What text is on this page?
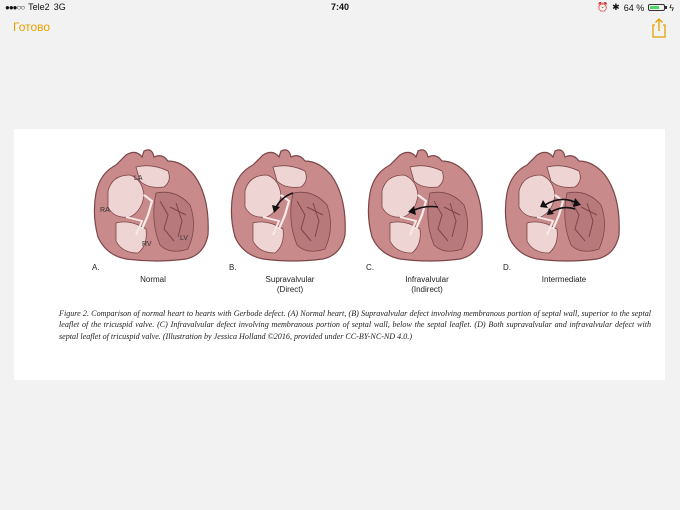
●●●○○ Tele2 3G	7:40	⏰ ✱ 64 %	ϟ
Готово
A.
Normal
LA
RA
RV
LV
B.
Supravalvular
(Direct)
C.
Infravalvular
(Indirect)
D.
Intermediate
Figure 2. Comparison of normal heart to hearts with Gerbode defect. (A) Normal heart, (B) Supravalvular defect involving membranous portion of septal wall, superior to the septal leaflet of the tricuspid valve. (C) Infravalvular defect involving membranous portion of septal wall, below the septal leaflet. (D) Both supravalvular and infravalvular defect with septal leaflet of tricuspid valve. (Illustration by Jessica Holland ©2016, provided under CC-BY-NC-ND 4.0.)
